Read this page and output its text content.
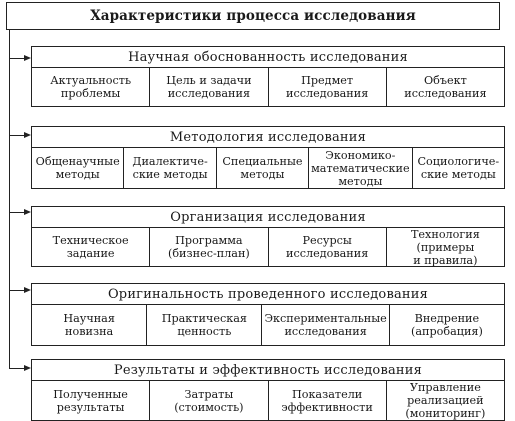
Характеристики процесса исследования
Научная обоснованность исследования
Актуальность
проблемы
Цель и задачи
исследования
Предмет
исследования
Объект
исследования
Методология исследования
Общенаучные
методы
Диалектиче-
ские методы
Специальные
методы
Экономико-
математические
методы
Социологиче-
ские методы
Организация исследования
Техническое
задание
Программа
(бизнес-план)
Ресурсы
исследования
Технология
(примеры
и правила)
Оригинальность проведенного исследования
Научная
новизна
Практическая
ценность
Экспериментальные
исследования
Внедрение
(апробация)
Результаты и эффективность исследования
Полученные
результаты
Затраты
(стоимость)
Показатели
эффективности
Управление
реализацией
(мониторинг)
